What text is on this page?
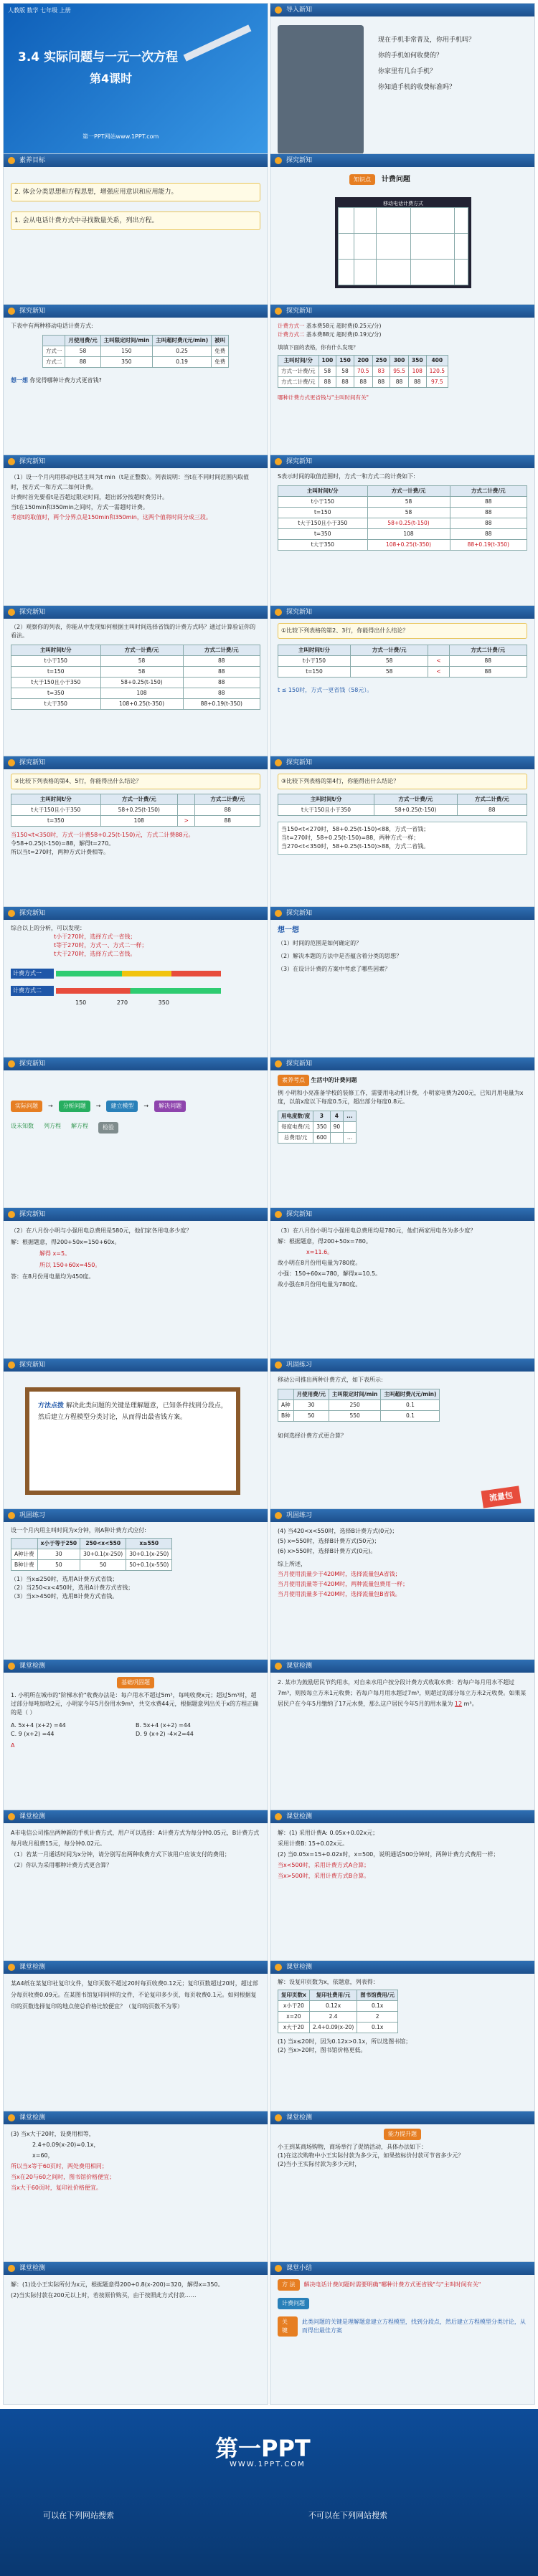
人教版 数学 七年级 上册
3.4 实际问题与一元一次方程
第4课时
第一PPT网站www.1PPT.com
导入新知
现在手机非常普及，你用手机吗？
你的手机如何收费的？
你家里有几台手机？
你知道手机的收费标准吗？
素养目标
2. 体会分类思想和方程思想，增强应用意识和应用能力。
1. 会从电话计费方式中寻找数量关系，列出方程。
探究新知
知识点 计费问题
移动电话计费方式
	月使用费/元	主叫限定时间/min	主叫超时费/(元/min)	被叫
方式一	58	150	0.25	免费
方式二	88	350	0.19	免费
探究新知
下表中有两种移动电话计费方式:
	月使用费/元	主叫限定时间/min	主叫超时费/(元/min)	被叫
方式一	58	150	0.25	免费
方式二	88	350	0.19	免费
想一想 你觉得哪种计费方式更省钱?
探究新知
计费方式一 基本费58元 超时费(0.25元/分)
计费方式二 基本费88元 超时费(0.19元/分)
填填下面的表格，你有什么发现？
主叫时间/分	100	150	200	250	300	350	400
方式一计费/元	58	58	70.5	83	95.5	108	120.5
方式二计费/元	88	88	88	88	88	88	97.5
哪种计费方式更省钱与"主叫时间有关"
探究新知
（1）设一个月内用移动电话主叫为t min（t是正整数）。列表说明：当t在不同时间范围内取值时，按方式一和方式二如何计费。
计费时首先要看t是否超过限定时间，超出部分按超时费另计。
当t在150min和350min之间时，方式一需超时计费。
考虑t的取值时，两个分界点是150min和350min，这两个值将时间分成三段。
探究新知
S表示时间的取值范围时，方式一和方式二的计费如下:
主叫时间t/分	方式一计费/元	方式二计费/元
t小于150	58	88
t=150	58	88
t大于150且小于350	58+0.25(t-150)	88
t=350	108	88
t大于350	108+0.25(t-350)	88+0.19(t-350)
探究新知
（2）观察你的列表，你能从中发现如何根据主叫时间选择省钱的计费方式吗？通过计算验证你的看法。
主叫时间t/分	方式一计费/元	方式二计费/元
t小于150	58	88
t=150	58	88
t大于150且小于350	58+0.25(t-150)	88
t=350	108	88
t大于350	108+0.25(t-350)	88+0.19(t-350)
探究新知
①比较下列表格的第2、3行，你能得出什么结论？
主叫时间t/分	方式一计费/元		方式二计费/元
t小于150	58	<	88
t=150	58	<	88
t ≤ 150时，方式一更省钱（58元）。
探究新知
②比较下列表格的第4、5行，你能得出什么结论？
主叫时间t/分	方式一计费/元		方式二计费/元
t大于150且小于350	58+0.25(t-150)		88
t=350	108	>	88
当150<t<350时，方式一计费58+0.25(t-150)元，方式二计费88元。
令58+0.25(t-150)=88，解得t=270。
所以当t=270时，两种方式计费相等。
探究新知
③比较下列表格的第4行，你能得出什么结论？
主叫时间t/分	方式一计费/元	方式二计费/元
t大于150且小于350	58+0.25(t-150)	88
当150<t<270时，58+0.25(t-150)<88，方式一省钱；
当t=270时，58+0.25(t-150)=88，两种方式一样；
当270<t<350时，58+0.25(t-150)>88，方式二省钱。
探究新知
综合以上的分析，可以发现：
t小于270时，选择方式一省钱；
t等于270时，方式一、方式二一样；
t大于270时，选择方式二省钱。
计费方式一
计费方式二
150	270	350
探究新知
想一想
（1）时间的范围是如何确定的？
（2）解决本题的方法中是否蕴含着分类的思想？
（3）在设计计费的方案中考虑了哪些因素？
探究新知
实际问题	→	分析问题	→	建立模型	→	解决问题
设未知数 列方程 解方程	检验
探究新知
素养考点 生活中的计费问题
例 小明和小亮准备学校的装修工作，需要用电动机计费，小明家电费为200元，已知月用电量为x度，以前x度以下每度0.5元，超出部分每度0.8元。
用电度数/度	3	4	...
每度电费/元	350	90	
总费用/元	600		...
探究新知
（2）在八月份小明与小强用电总费用是580元，他们家各用电多少度？
解：根据题意，得200+50x=150+60x。
解得 x=5。
所以 150+60x=450。
答：在8月份用电量均为450度。
探究新知
（3）在八月份小明与小强用电总费用均是780元，他们两家用电各为多少度？
解：根据题意，得200+50x=780。
x=11.6。
故小明在8月份用电量为780度。
小强：150+60x=780，解得x=10.5。
故小强在8月份用电量为780度。
探究新知
方法点拨 解决此类问题的关键是理解题意，已知条件找到分段点，然后建立方程模型分类讨论，从而得出最省钱方案。
巩固练习
移动公司推出两种计费方式，如下表所示:
	月使用费/元	主叫限定时间/min	主叫超时费/(元/min)
A种	30	250	0.1
B种	50	550	0.1
如何选择计费方式更合算？
流量包
巩固练习
设一个月内用主叫时间为x分钟，则A种计费方式应付:
	x小于等于250	250<x<550	x≥550
A种计费	30	30+0.1(x-250)	30+0.1(x-250)
B种计费	50	50	50+0.1(x-550)
（1）当x≤250时，选用A计费方式省钱；
（2）当250<x<450时，选用A计费方式省钱；
（3）当x>450时，选用B计费方式省钱。
巩固练习
(4) 当420<x<550时，选择B计费方式(0元)；
(5) x=550时，选择B计费方式(50元)；
(6) x>550时，选择B计费方式(0元)。
综上所述，
当月使用流量少于420M时，选择流量包A省钱；
当月使用流量等于420M时，两种流量包费用一样；
当月使用流量多于420M时，选择流量包B省钱。
课堂检测
基础巩固题
1. 小明所在城市的"阶梯水价"收费办法是：每户用水不超过5m³，每吨收费x元；超过5m³时，超过部分每吨加收2元，小明家今年5月份用水9m³，共交水费44元，根据题意列出关于x的方程正确的是（ ）
A. 5x+4 (x+2) =44	B. 5x+4 (x+2) =44
C. 9 (x+2) =44	D. 9 (x+2) -4×2=44
A
课堂检测
2. 某市为鼓励居民节约用水，对自来水用户按分段计费方式收取水费：若每户每月用水不超过7m³，则按每立方米1元收费；若每户每月用水超过7m³，则超过的部分每立方米2元收费。如果某居民户在今年5月缴纳了17元水费，那么这户居民今年5月的用水量为 12 m³。
课堂检测
A市电信公司推出两种新的手机计费方式，用户可以选择：A计费方式为每分钟0.05元，B计费方式每月收月租费15元，每分钟0.02元。
（1）若某一月通话时间为x分钟，请分别写出两种收费方式下该用户应该支付的费用；
（2）你认为采用哪种计费方式更合算？
课堂检测
解：(1) 采用计费A: 0.05x+0.02x元；
采用计费B: 15+0.02x元。
(2) 当0.05x=15+0.02x时，x=500，说明通话500分钟时，两种计费方式费用一样；
当x<500时，采用计费方式A合算；
当x>500时，采用计费方式B合算。
课堂检测
某A4纸在某复印社复印文件，复印页数不超过20时每页收费0.12元；复印页数超过20时，超过部分每页收费0.09元。在某图书馆复印同样的文件，不论复印多少页，每页收费0.1元。如何根据复印的页数选择复印的地点使总价格比较便宜？（复印的页数不为零）
课堂检测
解：设复印页数为x，依题意，列表得：
复印页数x	复印社费用/元	图书馆费用/元
x小于20	0.12x	0.1x
x=20	2.4	2
x大于20	2.4+0.09(x-20)	0.1x
(1) 当x≤20时，因为0.12x>0.1x，所以选图书馆；
(2) 当x>20时，图书馆价格更低。
课堂检测
(3) 当x大于20时，设费用相等，
2.4+0.09(x-20)=0.1x，
x=60，
所以当x等于60页时，两处费用相同；
当x在20与60之间时，图书馆价格便宜；
当x大于60页时，复印社价格便宜。
课堂检测
能力提升题
小王到某商场购物，商场举行了促销活动，具体办法如下：
(1)在这次购物中小王实际付款为多少元，如果按标价付款可节省多少元？
(2)当小王实际付款为多少元时，
课堂检测
解：(1)设小王实际所付为x元，根据题意得200+0.8(x-200)=320，解得x=350。
(2)当实际付款在200元以上时，若按原价购买，由于按照此方式付款……
课堂小结
方 法	解决电话计费问题时需要明确"哪种计费方式更省钱"与"主叫时间有关"
计费问题
关 键
此类问题的关键是理解题意建立方程模型，找到分段点，然后建立方程模型分类讨论，从而得出最佳方案
第一PPT
WWW.1PPT.COM
可以在下列网站搜索	不可以在下列网站搜索
